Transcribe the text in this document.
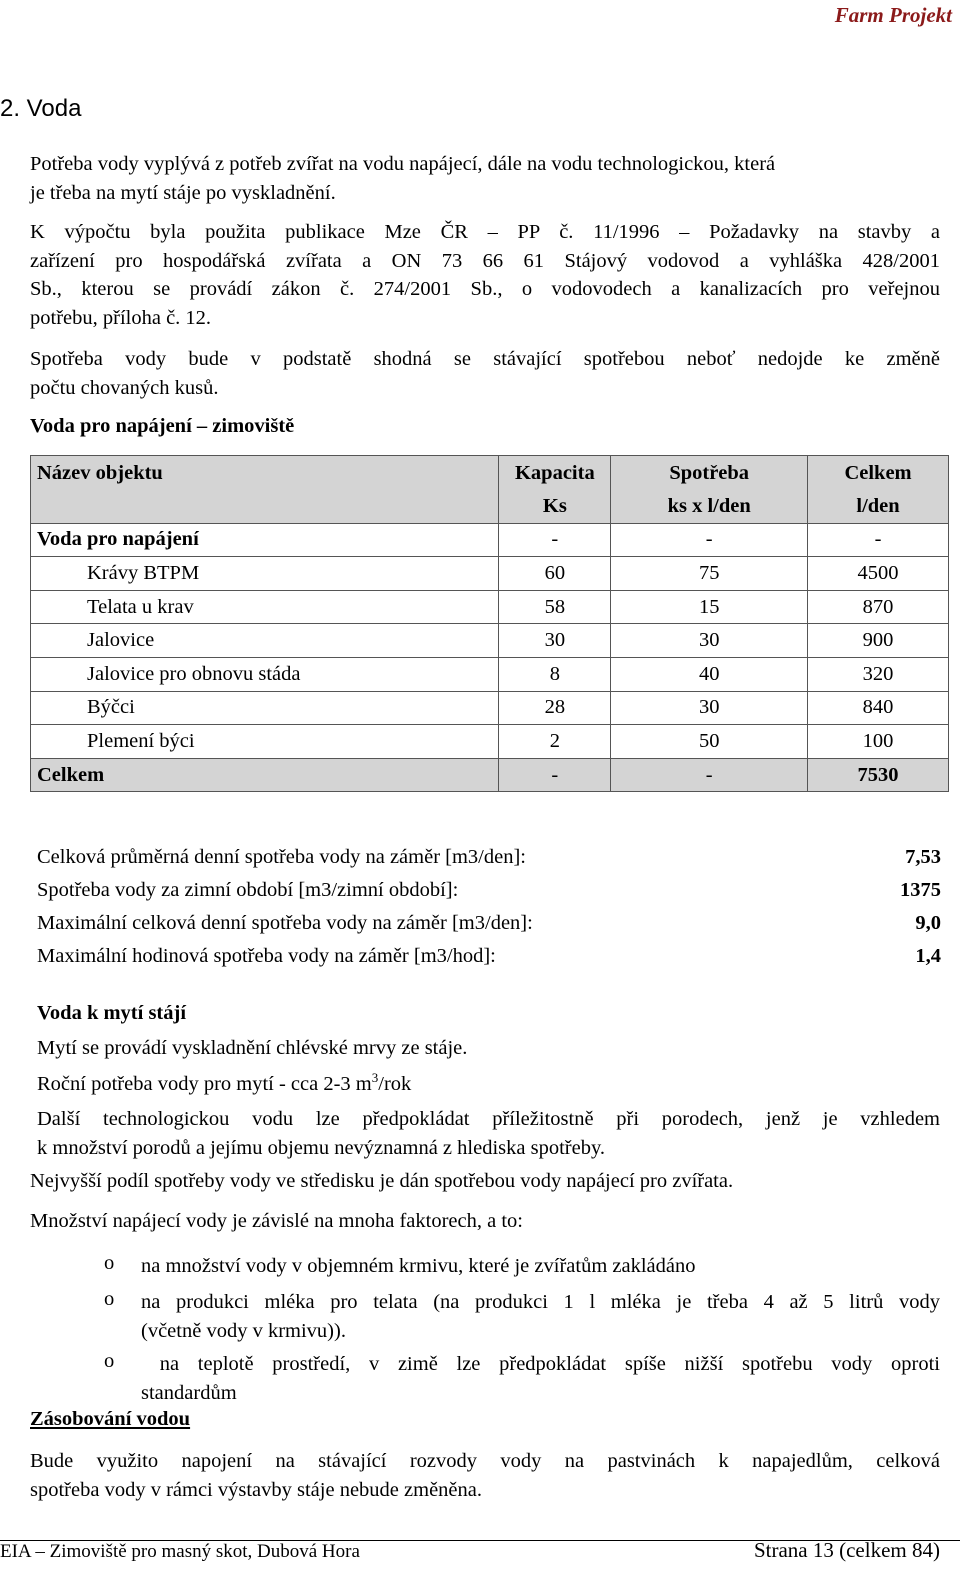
Farm Projekt
2. Voda
Potřeba vody vyplývá z potřeb zvířat na vodu napájecí, dále na vodu technologickou, která
je třeba na mytí stáje po vyskladnění.
K výpočtu byla použita publikace Mze ČR – PP č. 11/1996 – Požadavky na stavby a
zařízení pro hospodářská zvířata a ON 73 66 61 Stájový vodovod a vyhláška 428/2001
Sb., kterou se provádí zákon č. 274/2001 Sb., o vodovodech a kanalizacích pro veřejnou
potřebu, příloha č. 12.
Spotřeba vody bude v podstatě shodná se stávající spotřebou neboť nedojde ke změně
počtu chovaných kusů.
Voda pro napájení – zimoviště
Název objektu	Kapacita	Spotřeba	Celkem
	Ks	ks x l/den	l/den
Voda pro napájení	-	-	-
Krávy BTPM	60	75	4500
Telata u krav	58	15	870
Jalovice	30	30	900
Jalovice pro obnovu stáda	8	40	320
Býčci	28	30	840
Plemení býci	2	50	100
Celkem	-	-	7530
Celková průměrná denní spotřeba vody na záměr [m3/den]:	7,53
Spotřeba vody za zimní období [m3/zimní období]:	1375
Maximální celková denní spotřeba vody na záměr [m3/den]:	9,0
Maximální hodinová spotřeba vody na záměr [m3/hod]:	1,4
Voda k mytí stájí
Mytí se provádí vyskladnění chlévské mrvy ze stáje.
Roční potřeba vody pro mytí - cca 2-3 $m^3$/rok
Další technologickou vodu lze předpokládat příležitostně při porodech, jenž je vzhledem
k množství porodů a jejímu objemu nevýznamná z hlediska spotřeby.
Nejvyšší podíl spotřeby vody ve středisku je dán spotřebou vody napájecí pro zvířata.
Množství napájecí vody je závislé na mnoha faktorech, a to:
o na množství vody v objemném krmivu, které je zvířatům zakládáno
o na produkci mléka pro telata (na produkci 1 l mléka je třeba 4 až 5 litrů vody
(včetně vody v krmivu)).
o na teplotě prostředí, v zimě lze předpokládat spíše nižší spotřebu vody oproti
standardům
Zásobování vodou
Bude využito napojení na stávající rozvody vody na pastvinách k napajedlům, celková
spotřeba vody v rámci výstavby stáje nebude změněna.
EIA – Zimoviště pro masný skot, Dubová Hora	Strana 13 (celkem 84)
